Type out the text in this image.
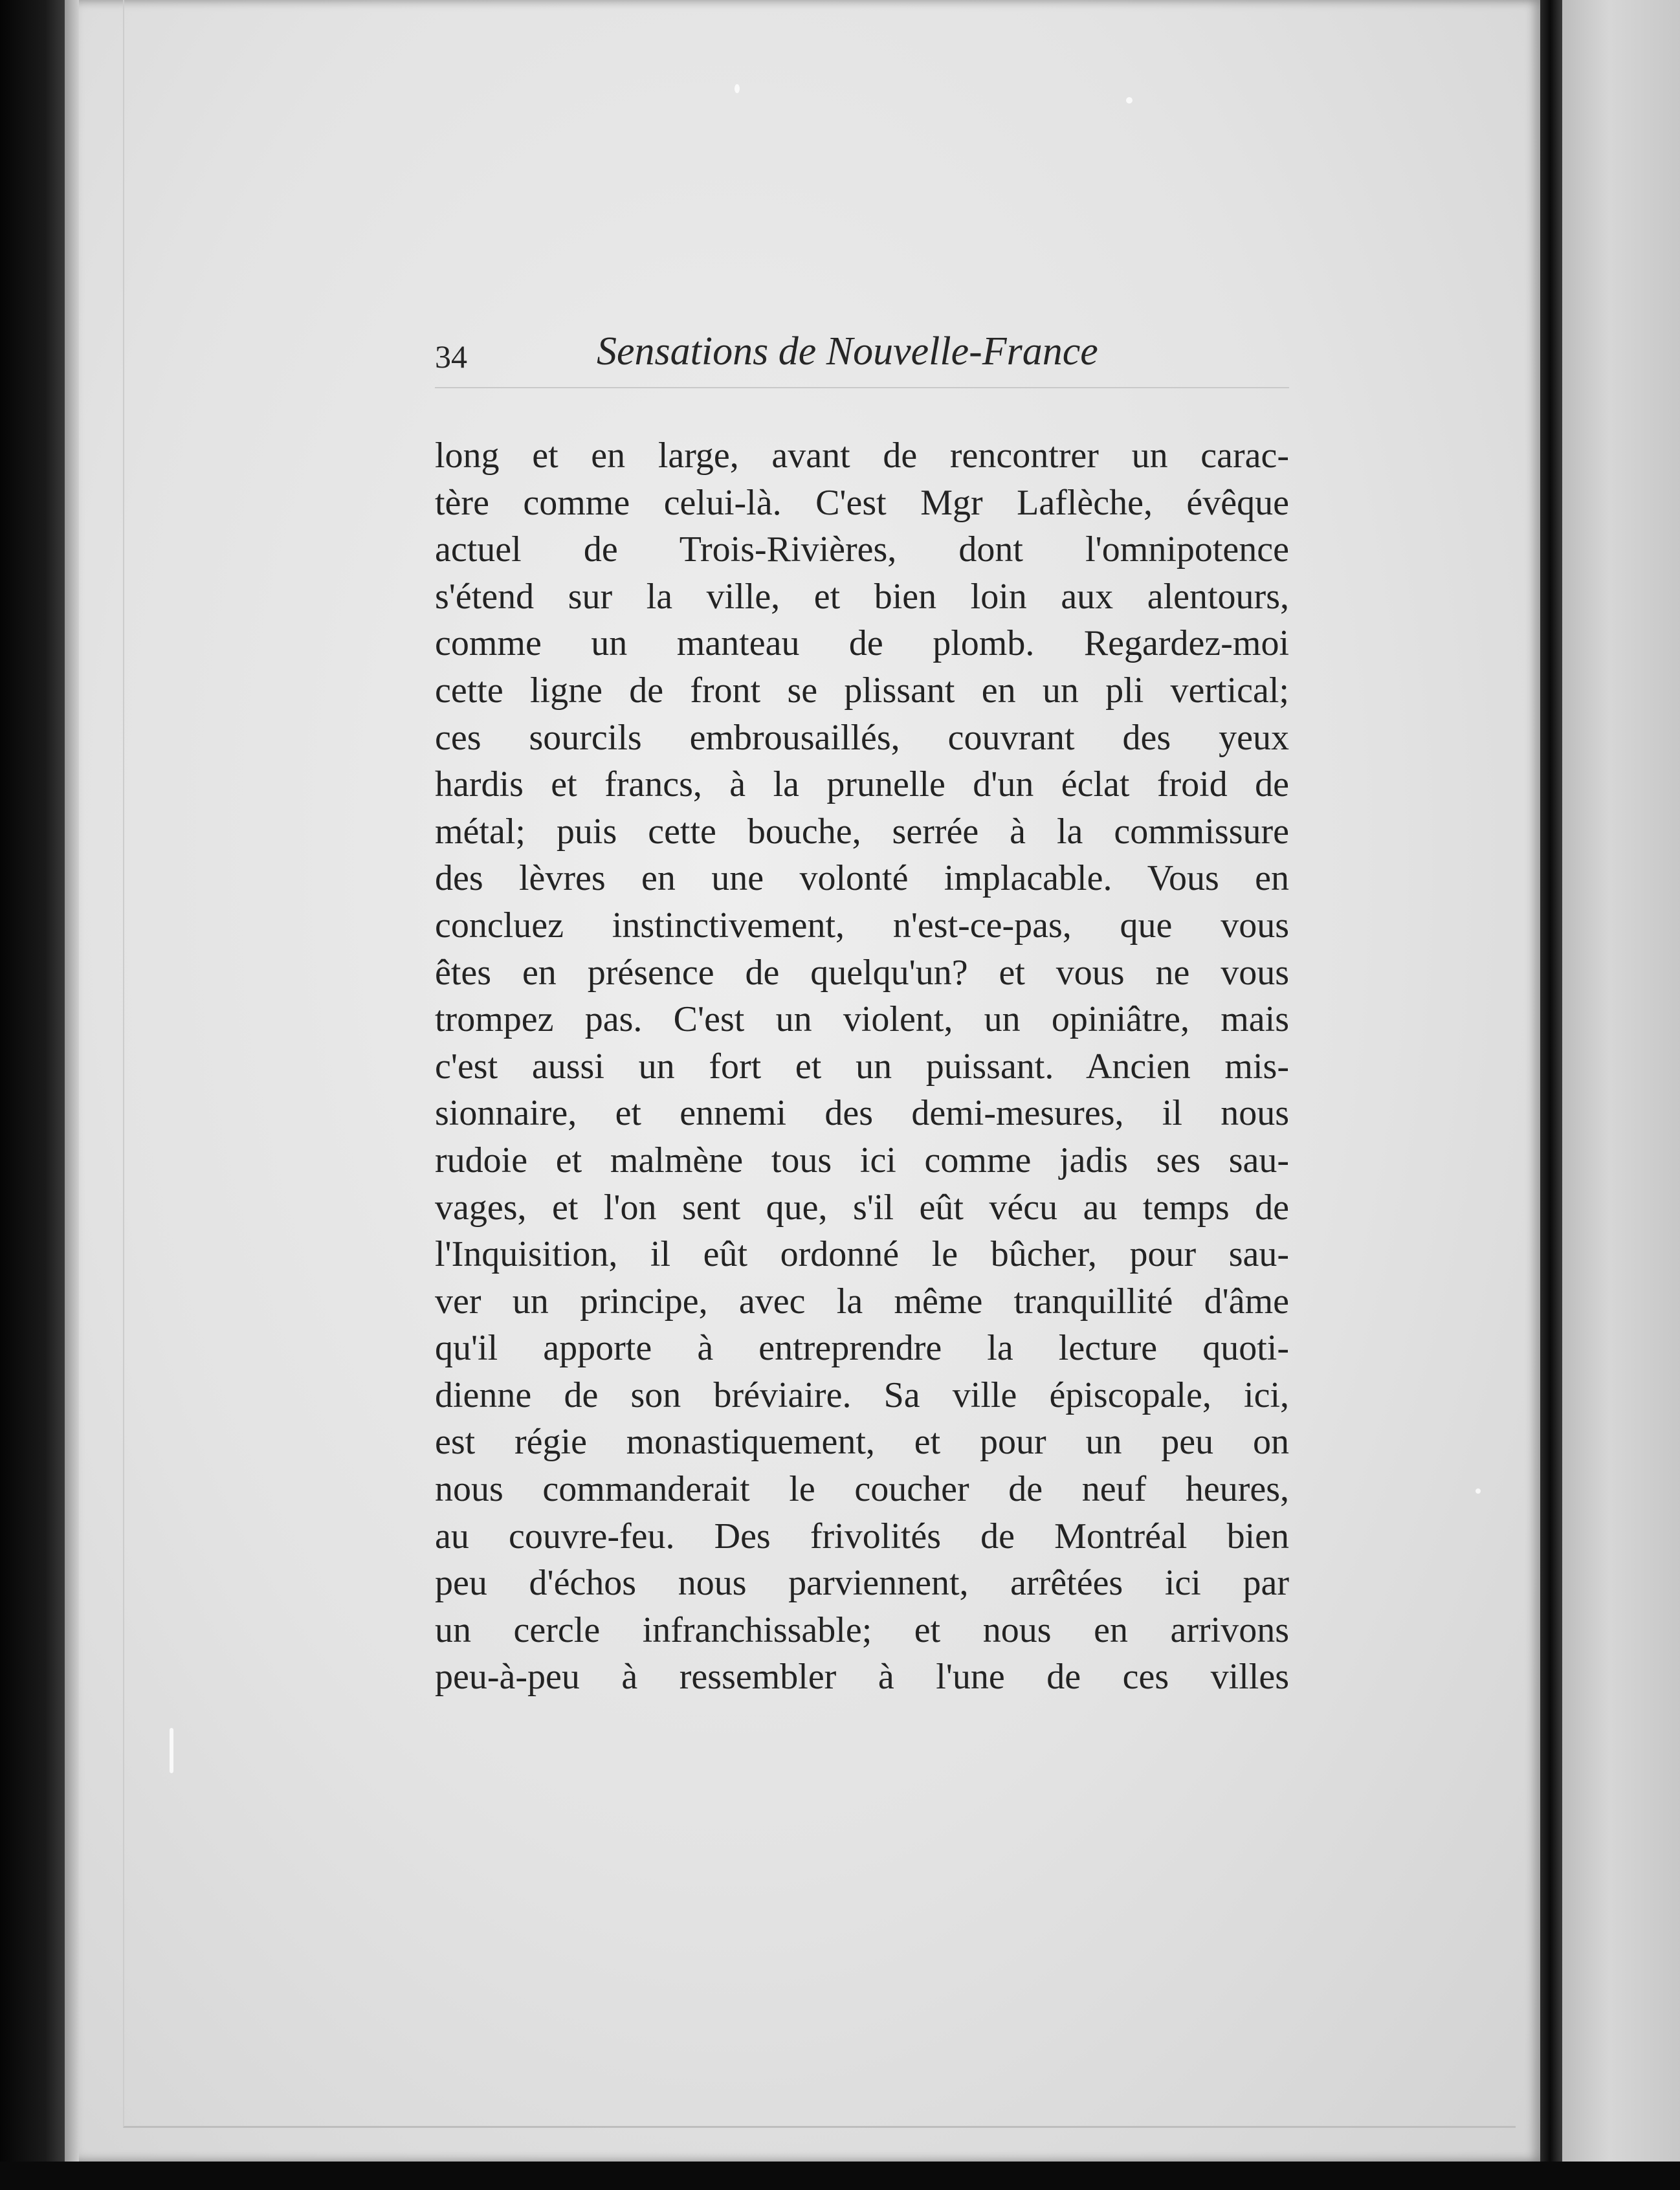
34	Sensations de Nouvelle-France
long et en large, avant de rencontrer un carac-
tère comme celui-là. C'est Mgr Laflèche, évêque
actuel de Trois-Rivières, dont l'omnipotence
s'étend sur la ville, et bien loin aux alentours,
comme un manteau de plomb. Regardez-moi
cette ligne de front se plissant en un pli vertical;
ces sourcils embrousaillés, couvrant des yeux
hardis et francs, à la prunelle d'un éclat froid de
métal; puis cette bouche, serrée à la commissure
des lèvres en une volonté implacable. Vous en
concluez instinctivement, n'est-ce-pas, que vous
êtes en présence de quelqu'un? et vous ne vous
trompez pas. C'est un violent, un opiniâtre, mais
c'est aussi un fort et un puissant. Ancien mis-
sionnaire, et ennemi des demi-mesures, il nous
rudoie et malmène tous ici comme jadis ses sau-
vages, et l'on sent que, s'il eût vécu au temps de
l'Inquisition, il eût ordonné le bûcher, pour sau-
ver un principe, avec la même tranquillité d'âme
qu'il apporte à entreprendre la lecture quoti-
dienne de son bréviaire. Sa ville épiscopale, ici,
est régie monastiquement, et pour un peu on
nous commanderait le coucher de neuf heures,
au couvre-feu. Des frivolités de Montréal bien
peu d'échos nous parviennent, arrêtées ici par
un cercle infranchissable; et nous en arrivons
peu-à-peu à ressembler à l'une de ces villes
